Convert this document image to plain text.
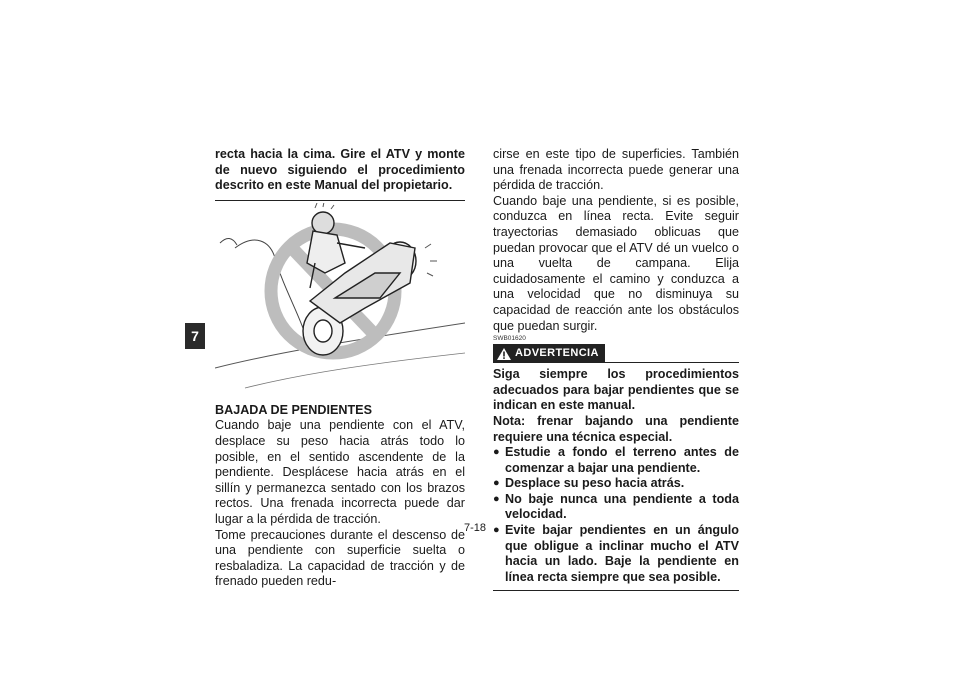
7

recta hacia la cima. Gire el ATV y monte de nuevo siguiendo el procedimiento descrito en este Manual del propietario.

BAJADA DE PENDIENTES

Cuando baje una pendiente con el ATV, desplace su peso hacia atrás todo lo posible, en el sentido ascendente de la pendiente. Desplácese hacia atrás en el sillín y permanezca sentado con los brazos rectos. Una frenada incorrecta puede dar lugar a la pérdida de tracción.

Tome precauciones durante el descenso de una pendiente con superficie suelta o resbaladiza. La capacidad de tracción y de frenado pueden redu-

cirse en este tipo de superficies. También una frenada incorrecta puede generar una pérdida de tracción.

Cuando baje una pendiente, si es posible, conduzca en línea recta. Evite seguir trayectorias demasiado oblicuas que puedan provocar que el ATV dé un vuelco o una vuelta de campana. Elija cuidadosamente el camino y conduzca a una velocidad que no disminuya su capacidad de reacción ante los obstáculos que puedan surgir.

SWB01620
ADVERTENCIA

Siga siempre los procedimientos adecuados para bajar pendientes que se indican en este manual.

Nota: frenar bajando una pendiente requiere una técnica especial.

● Estudie a fondo el terreno antes de comenzar a bajar una pendiente.
● Desplace su peso hacia atrás.
● No baje nunca una pendiente a toda velocidad.
● Evite bajar pendientes en un ángulo que obligue a inclinar mucho el ATV hacia un lado. Baje la pendiente en línea recta siempre que sea posible.
7-18
